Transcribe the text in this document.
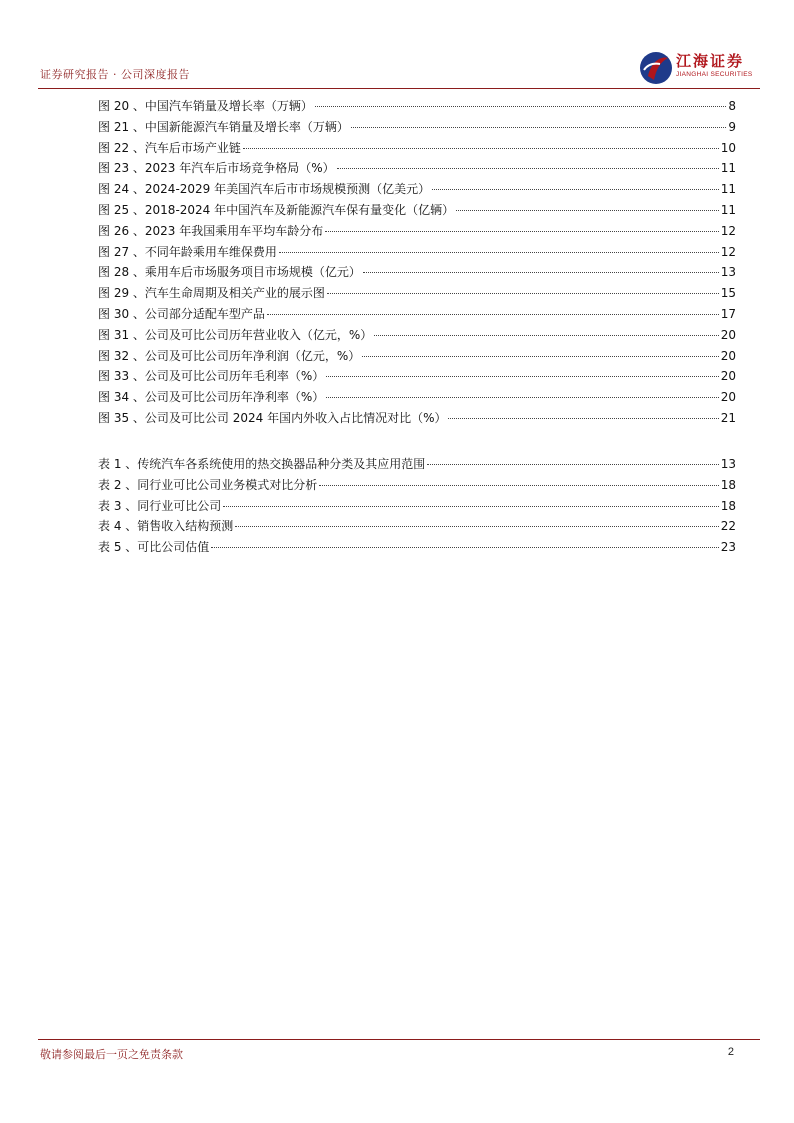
证券研究报告 · 公司深度报告
江海证券
JIANGHAI SECURITIES
图 20 、中国汽车销量及增长率（万辆）	8
图 21 、中国新能源汽车销量及增长率（万辆）	9
图 22 、汽车后市场产业链	10
图 23 、2023 年汽车后市场竞争格局（%）	11
图 24 、2024-2029 年美国汽车后市市场规模预测（亿美元）	11
图 25 、2018-2024 年中国汽车及新能源汽车保有量变化（亿辆）	11
图 26 、2023 年我国乘用车平均车龄分布	12
图 27 、不同年龄乘用车维保费用	12
图 28 、乘用车后市场服务项目市场规模（亿元）	13
图 29 、汽车生命周期及相关产业的展示图	15
图 30 、公司部分适配车型产品	17
图 31 、公司及可比公司历年营业收入（亿元，%）	20
图 32 、公司及可比公司历年净利润（亿元，%）	20
图 33 、公司及可比公司历年毛利率（%）	20
图 34 、公司及可比公司历年净利率（%）	20
图 35 、公司及可比公司 2024 年国内外收入占比情况对比（%）	21
表 1 、传统汽车各系统使用的热交换器品种分类及其应用范围	13
表 2 、同行业可比公司业务模式对比分析	18
表 3 、同行业可比公司	18
表 4 、销售收入结构预测	22
表 5 、可比公司估值	23
敬请参阅最后一页之免责条款	2
